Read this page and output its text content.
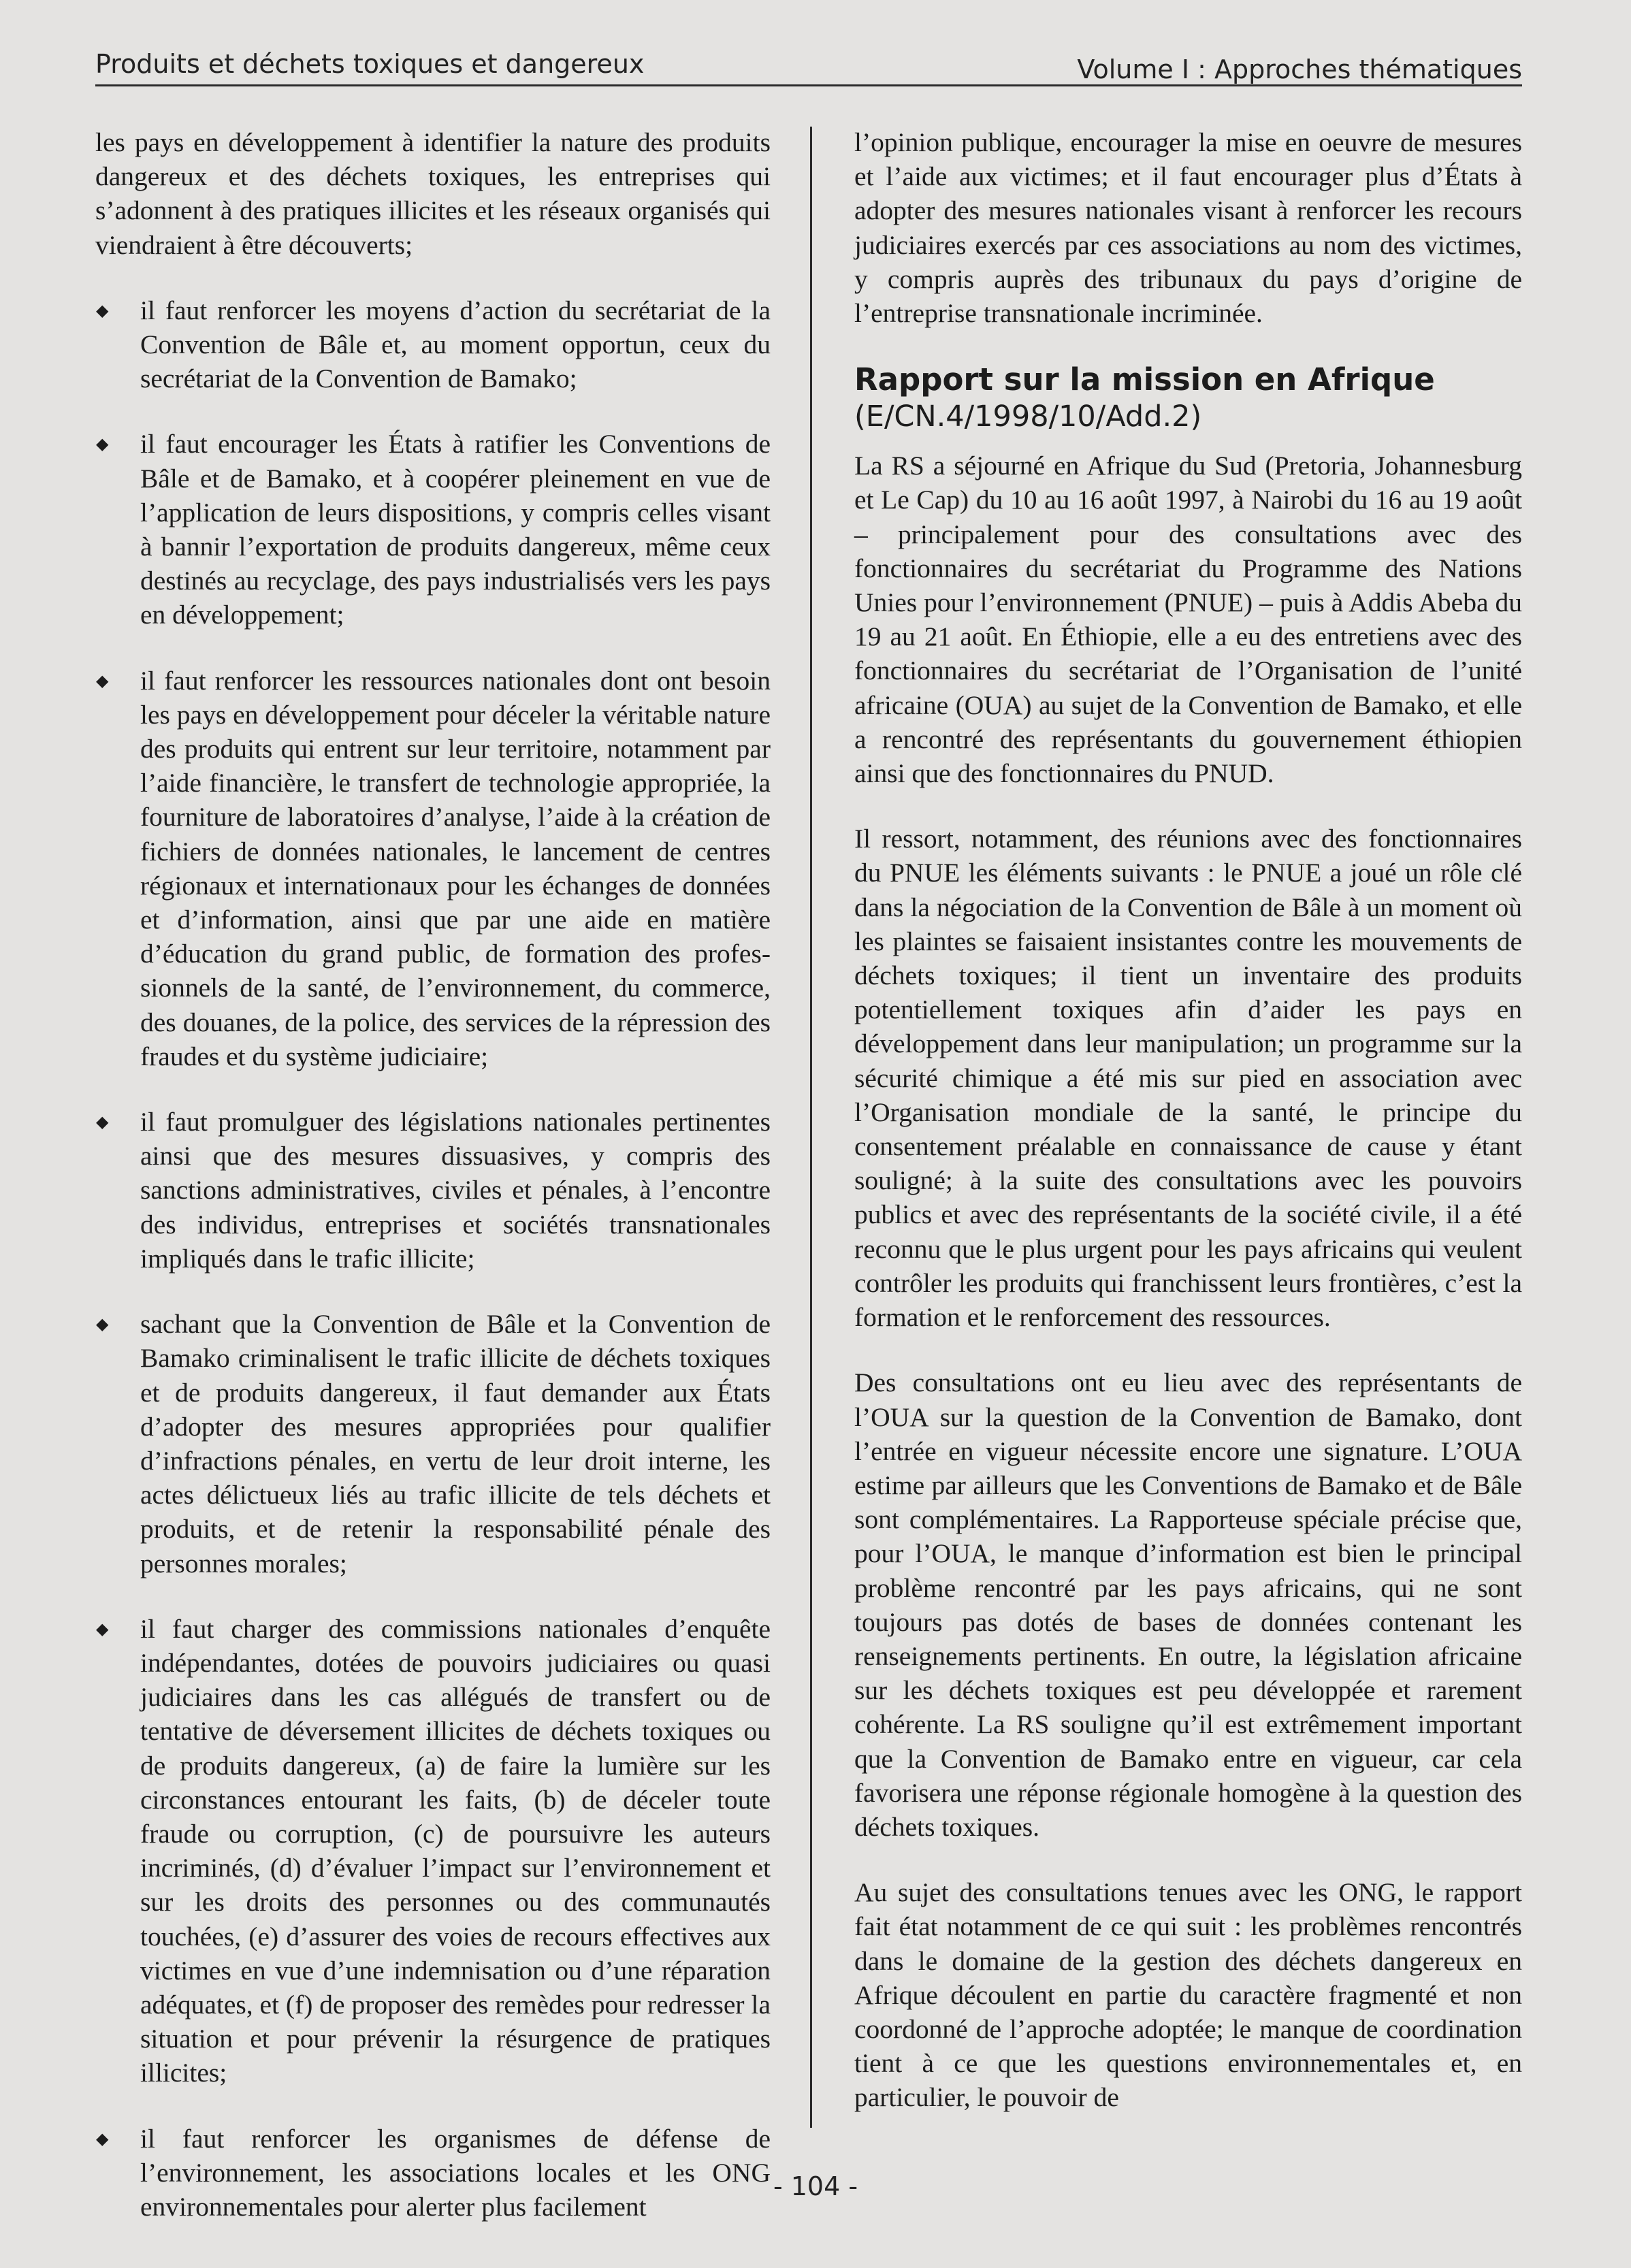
Produits et déchets toxiques et dangereux	Volume I : Approches thématiques

les pays en développement à identifier la nature des produits dangereux et des déchets toxiques, les entreprises qui s’adonnent à des pratiques illicites et les réseaux organisés qui viendraient à être découverts;

◆ il faut renforcer les moyens d’action du secrétariat de la Convention de Bâle et, au moment opportun, ceux du secrétariat de la Convention de Bamako;
◆ il faut encourager les États à ratifier les Conventions de Bâle et de Bamako, et à coopérer pleinement en vue de l’application de leurs dispositions, y compris celles visant à bannir l’exportation de produits dangereux, même ceux destinés au recyclage, des pays industrialisés vers les pays en développement;
◆ il faut renforcer les ressources nationales dont ont besoin les pays en développement pour déceler la véritable nature des produits qui entrent sur leur territoire, notamment par l’aide financière, le transfert de technologie appropriée, la fourniture de laboratoires d’analyse, l’aide à la création de fichiers de données nationales, le lancement de centres régionaux et internationaux pour les échanges de données et d’information, ainsi que par une aide en matière d’éducation du grand public, de formation des professionnels de la santé, de l’environnement, du commerce, des douanes, de la police, des services de la répression des fraudes et du système judiciaire;
◆ il faut promulguer des législations nationales pertinentes ainsi que des mesures dissuasives, y compris des sanctions administratives, civiles et pénales, à l’encontre des individus, entreprises et sociétés transnationales impliqués dans le trafic illicite;
◆ sachant que la Convention de Bâle et la Convention de Bamako criminalisent le trafic illicite de déchets toxiques et de produits dangereux, il faut demander aux États d’adopter des mesures appropriées pour qualifier d’infractions pénales, en vertu de leur droit interne, les actes délictueux liés au trafic illicite de tels déchets et produits, et de retenir la responsabilité pénale des personnes morales;
◆ il faut charger des commissions nationales d’enquête indépendantes, dotées de pouvoirs judiciaires ou quasi judiciaires dans les cas allégués de transfert ou de tentative de déversement illicites de déchets toxiques ou de produits dangereux, (a) de faire la lumière sur les circonstances entourant les faits, (b) de déceler toute fraude ou corruption, (c) de poursuivre les auteurs incriminés, (d) d’évaluer l’impact sur l’environnement et sur les droits des personnes ou des communautés touchées, (e) d’assurer des voies de recours effectives aux victimes en vue d’une indemnisation ou d’une réparation adéquates, et (f) de proposer des remèdes pour redresser la situation et pour prévenir la résurgence de pratiques illicites;
◆ il faut renforcer les organismes de défense de l’environnement, les associations locales et les ONG environnementales pour alerter plus facilement

l’opinion publique, encourager la mise en oeuvre de mesures et l’aide aux victimes; et il faut encourager plus d’États à adopter des mesures nationales visant à renforcer les recours judiciaires exercés par ces associations au nom des victimes, y compris auprès des tribunaux du pays d’origine de l’entreprise transnationale incriminée.

Rapport sur la mission en Afrique
(E/CN.4/1998/10/Add.2)

La RS a séjourné en Afrique du Sud (Pretoria, Johannesburg et Le Cap) du 10 au 16 août 1997, à Nairobi du 16 au 19 août – principalement pour des consultations avec des fonctionnaires du secrétariat du Programme des Nations Unies pour l’environnement (PNUE) – puis à Addis Abeba du 19 au 21 août. En Éthiopie, elle a eu des entretiens avec des fonctionnaires du secrétariat de l’Organisation de l’unité africaine (OUA) au sujet de la Convention de Bamako, et elle a rencontré des représentants du gouvernement éthiopien ainsi que des fonctionnaires du PNUD.

Il ressort, notamment, des réunions avec des fonctionnaires du PNUE les éléments suivants : le PNUE a joué un rôle clé dans la négociation de la Convention de Bâle à un moment où les plaintes se faisaient insistantes contre les mouvements de déchets toxiques; il tient un inventaire des produits potentiellement toxiques afin d’aider les pays en développement dans leur manipulation; un programme sur la sécurité chimique a été mis sur pied en association avec l’Organisation mondiale de la santé, le principe du consentement préalable en connaissance de cause y étant souligné; à la suite des consultations avec les pouvoirs publics et avec des représentants de la société civile, il a été reconnu que le plus urgent pour les pays africains qui veulent contrôler les produits qui franchissent leurs frontières, c’est la formation et le renforcement des ressources.

Des consultations ont eu lieu avec des représentants de l’OUA sur la question de la Convention de Bamako, dont l’entrée en vigueur nécessite encore une signature. L’OUA estime par ailleurs que les Conventions de Bamako et de Bâle sont complémentaires. La Rapporteuse spéciale précise que, pour l’OUA, le manque d’information est bien le principal problème rencontré par les pays africains, qui ne sont toujours pas dotés de bases de données contenant les renseignements pertinents. En outre, la législation africaine sur les déchets toxiques est peu développée et rarement cohérente. La RS souligne qu’il est extrêmement important que la Convention de Bamako entre en vigueur, car cela favorisera une réponse régionale homogène à la question des déchets toxiques.

Au sujet des consultations tenues avec les ONG, le rapport fait état notamment de ce qui suit : les problèmes rencontrés dans le domaine de la gestion des déchets dangereux en Afrique découlent en partie du caractère fragmenté et non coordonné de l’approche adoptée; le manque de coordination tient à ce que les questions environnementales et, en particulier, le pouvoir de

- 104 -
